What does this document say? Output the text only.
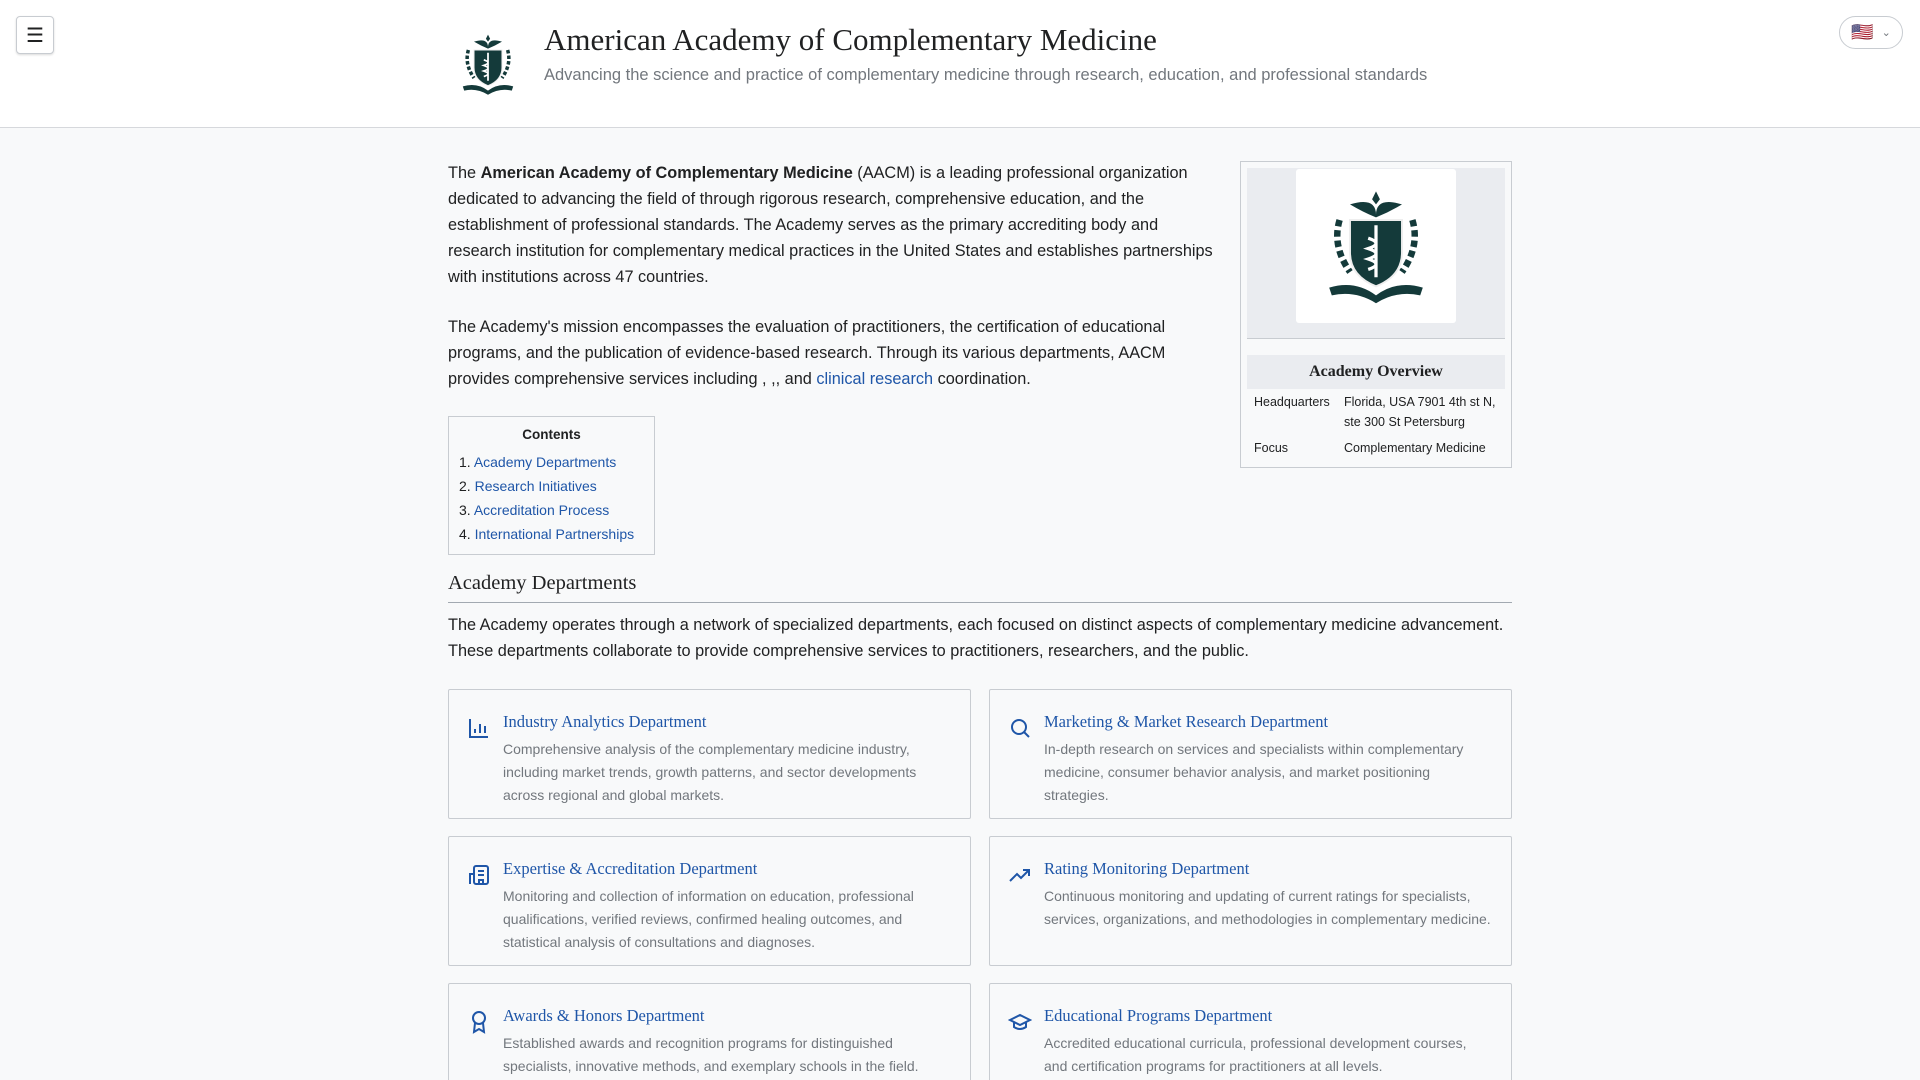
☰	American Academy of Complementary Medicine
Advancing the science and practice of complementary medicine through research, education, and professional standards
🇺🇸 ⌄

The American Academy of Complementary Medicine (AACM) is a leading professional organization dedicated to advancing the field of through rigorous research, comprehensive education, and the establishment of professional standards. The Academy serves as the primary accrediting body and research institution for complementary medical practices in the United States and establishes partnerships with institutions across 47 countries.

The Academy's mission encompasses the evaluation of practitioners, the certification of educational programs, and the publication of evidence-based research. Through its various departments, AACM provides comprehensive services including , ,, and clinical research coordination.	Academy Overview
Headquarters	Florida, USA 7901 4th st N, ste 300 St Petersburg
Focus	Complementary Medicine
Contents
1. Academy Departments
2. Research Initiatives
3. Accreditation Process
4. International Partnerships
Academy Departments

The Academy operates through a network of specialized departments, each focused on distinct aspects of complementary medicine advancement. These departments collaborate to provide comprehensive services to practitioners, researchers, and the public.

Industry Analytics Department
Comprehensive analysis of the complementary medicine industry, including market trends, growth patterns, and sector developments across regional and global markets.
Marketing & Market Research Department
In-depth research on services and specialists within complementary medicine, consumer behavior analysis, and market positioning strategies.
Expertise & Accreditation Department
Monitoring and collection of information on education, professional qualifications, verified reviews, confirmed healing outcomes, and statistical analysis of consultations and diagnoses.
Rating Monitoring Department
Continuous monitoring and updating of current ratings for specialists, services, organizations, and methodologies in complementary medicine.
Awards & Honors Department
Established awards and recognition programs for distinguished specialists, innovative methods, and exemplary schools in the field.
Educational Programs Department
Accredited educational curricula, professional development courses, and certification programs for practitioners at all levels.
